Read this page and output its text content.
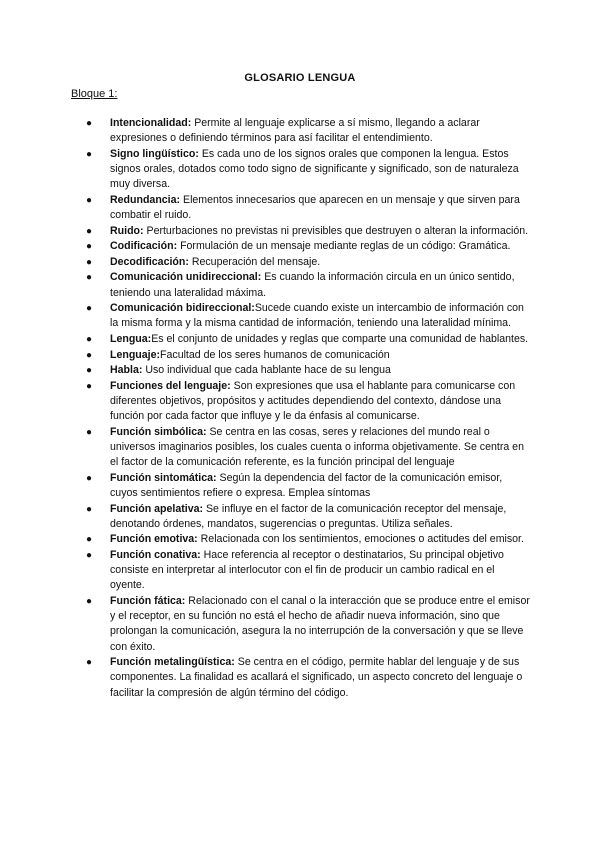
GLOSARIO LENGUA
Bloque 1:
● Intencionalidad: Permite al lenguaje explicarse a sí mismo, llegando a aclarar expresiones o definiendo términos para así facilitar el entendimiento.
● Signo lingüístico: Es cada uno de los signos orales que componen la lengua. Estos signos orales, dotados como todo signo de significante y significado, son de naturaleza muy diversa.
● Redundancia: Elementos innecesarios que aparecen en un mensaje y que sirven para combatir el ruido.
● Ruido: Perturbaciones no previstas ni previsibles que destruyen o alteran la información.
● Codificación: Formulación de un mensaje mediante reglas de un código: Gramática.
● Decodificación: Recuperación del mensaje.
● Comunicación unidireccional: Es cuando la información circula en un único sentido, teniendo una lateralidad máxima.
● Comunicación bidireccional:Sucede cuando existe un intercambio de información con la misma forma y la misma cantidad de información, teniendo una lateralidad mínima.
● Lengua:Es el conjunto de unidades y reglas que comparte una comunidad de hablantes.
● Lenguaje:Facultad de los seres humanos de comunicación
● Habla: Uso individual que cada hablante hace de su lengua
● Funciones del lenguaje: Son expresiones que usa el hablante para comunicarse con diferentes objetivos, propósitos y actitudes dependiendo del contexto, dándose una función por cada factor que influye y le da énfasis al comunicarse.
● Función simbólica: Se centra en las cosas, seres y relaciones del mundo real o universos imaginarios posibles, los cuales cuenta o informa objetivamente. Se centra en el factor de la comunicación referente, es la función principal del lenguaje
● Función sintomática: Según la dependencia del factor de la comunicación emisor, cuyos sentimientos refiere o expresa. Emplea síntomas
● Función apelativa: Se influye en el factor de la comunicación receptor del mensaje, denotando órdenes, mandatos, sugerencias o preguntas. Utiliza señales.
● Función emotiva: Relacionada con los sentimientos, emociones o actitudes del emisor.
● Función conativa: Hace referencia al receptor o destinatarios, Su principal objetivo consiste en interpretar al interlocutor con el fin de producir un cambio radical en el oyente.
● Función fática: Relacionado con el canal o la interacción que se produce entre el emisor y el receptor, en su función no está el hecho de añadir nueva información, sino que prolongan la comunicación, asegura la no interrupción de la conversación y que se lleve con éxito.
● Función metalingüística: Se centra en el código, permite hablar del lenguaje y de sus componentes. La finalidad es acallará el significado, un aspecto concreto del lenguaje o facilitar la compresión de algún término del código.
